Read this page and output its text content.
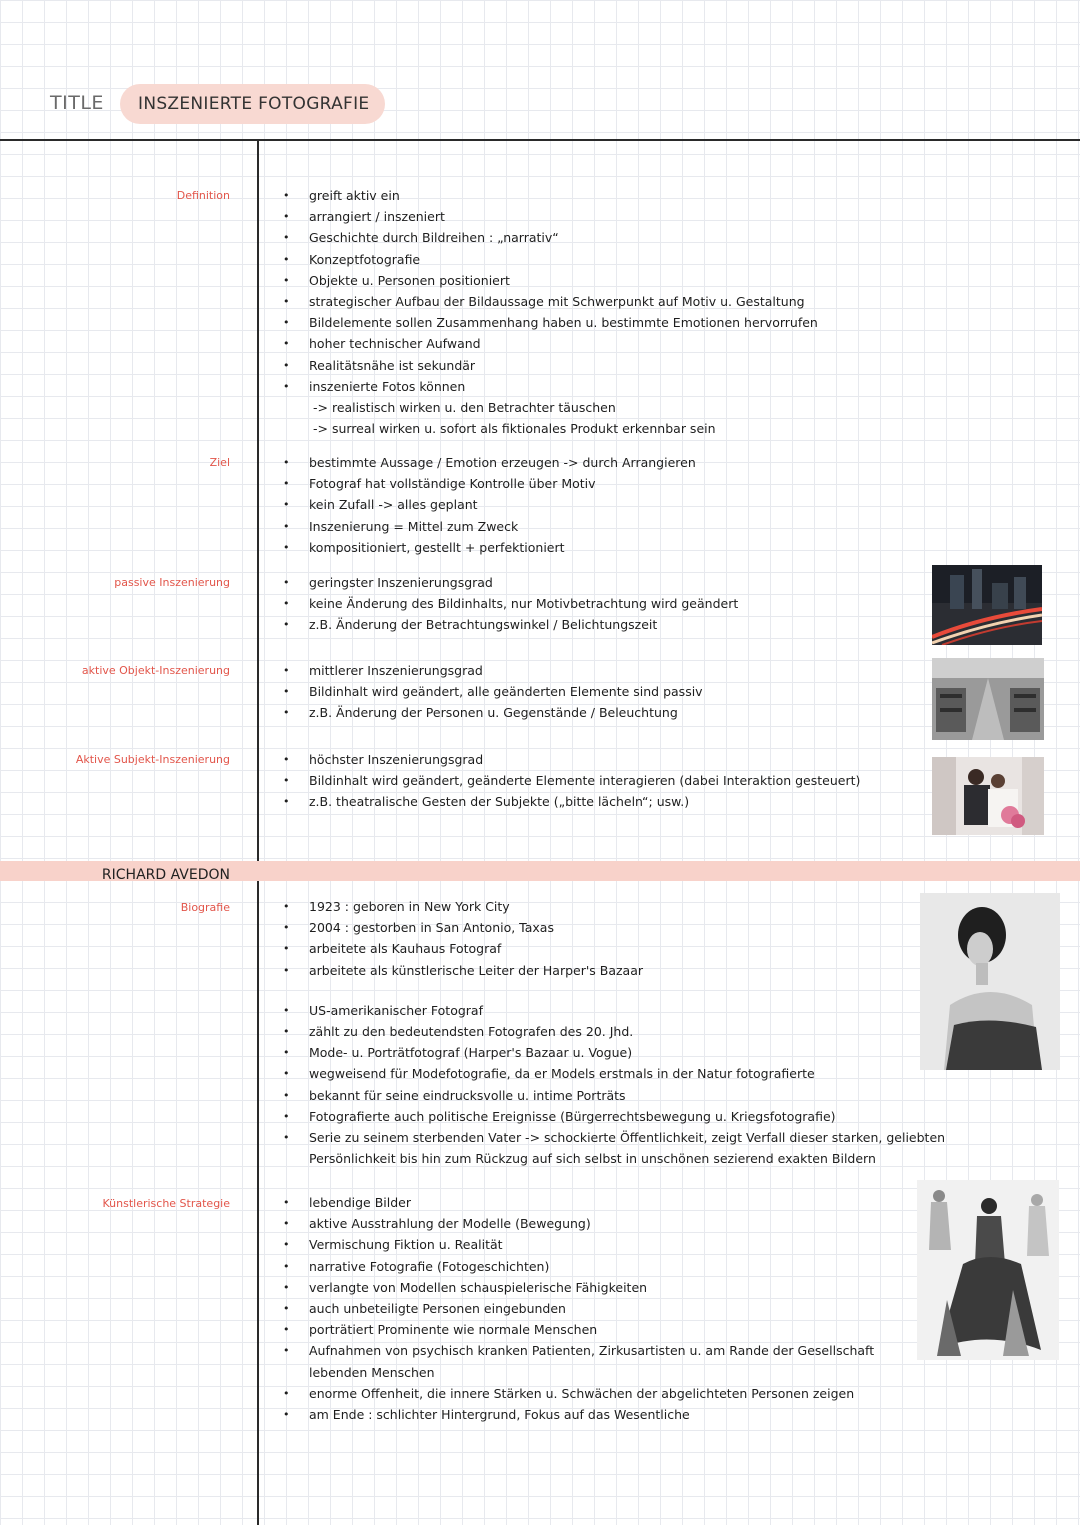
TITLE	INSZENIERTE FOTOGRAFIE
Definition	• greift aktiv ein
• arrangiert / inszeniert
• Geschichte durch Bildreihen : „narrativ“
• Konzeptfotografie
• Objekte u. Personen positioniert
• strategischer Aufbau der Bildaussage mit Schwerpunkt auf Motiv u. Gestaltung
• Bildelemente sollen Zusammenhang haben u. bestimmte Emotionen hervorrufen
• hoher technischer Aufwand
• Realitätsnähe ist sekundär
• inszenierte Fotos können
-> realistisch wirken u. den Betrachter täuschen
-> surreal wirken u. sofort als fiktionales Produkt erkennbar sein
Ziel	• bestimmte Aussage / Emotion erzeugen -> durch Arrangieren
• Fotograf hat vollständige Kontrolle über Motiv
• kein Zufall -> alles geplant
• Inszenierung = Mittel zum Zweck
• kompositioniert, gestellt + perfektioniert
passive Inszenierung	• geringster Inszenierungsgrad
• keine Änderung des Bildinhalts, nur Motivbetrachtung wird geändert
• z.B. Änderung der Betrachtungswinkel / Belichtungszeit
aktive Objekt-Inszenierung	• mittlerer Inszenierungsgrad
• Bildinhalt wird geändert, alle geänderten Elemente sind passiv
• z.B. Änderung der Personen u. Gegenstände / Beleuchtung
Aktive Subjekt-Inszenierung	• höchster Inszenierungsgrad
• Bildinhalt wird geändert, geänderte Elemente interagieren (dabei Interaktion gesteuert)
• z.B. theatralische Gesten der Subjekte („bitte lächeln“; usw.)
RICHARD AVEDON
Biografie	• 1923 : geboren in New York City
• 2004 : gestorben in San Antonio, Taxas
• arbeitete als Kauhaus Fotograf
• arbeitete als künstlerische Leiter der Harper's Bazaar
• US-amerikanischer Fotograf
• zählt zu den bedeutendsten Fotografen des 20. Jhd.
• Mode- u. Porträtfotograf (Harper's Bazaar u. Vogue)
• wegweisend für Modefotografie, da er Models erstmals in der Natur fotografierte
• bekannt für seine eindrucksvolle u. intime Porträts
• Fotografierte auch politische Ereignisse (Bürgerrechtsbewegung u. Kriegsfotografie)
• Serie zu seinem sterbenden Vater -> schockierte Öffentlichkeit, zeigt Verfall dieser starken, geliebten
Persönlichkeit bis hin zum Rückzug auf sich selbst in unschönen sezierend exakten Bildern
Künstlerische Strategie	• lebendige Bilder
• aktive Ausstrahlung der Modelle (Bewegung)
• Vermischung Fiktion u. Realität
• narrative Fotografie (Fotogeschichten)
• verlangte von Modellen schauspielerische Fähigkeiten
• auch unbeteiligte Personen eingebunden
• porträtiert Prominente wie normale Menschen
• Aufnahmen von psychisch kranken Patienten, Zirkusartisten u. am Rande der Gesellschaft
lebenden Menschen
• enorme Offenheit, die innere Stärken u. Schwächen der abgelichteten Personen zeigen
• am Ende : schlichter Hintergrund, Fokus auf das Wesentliche
